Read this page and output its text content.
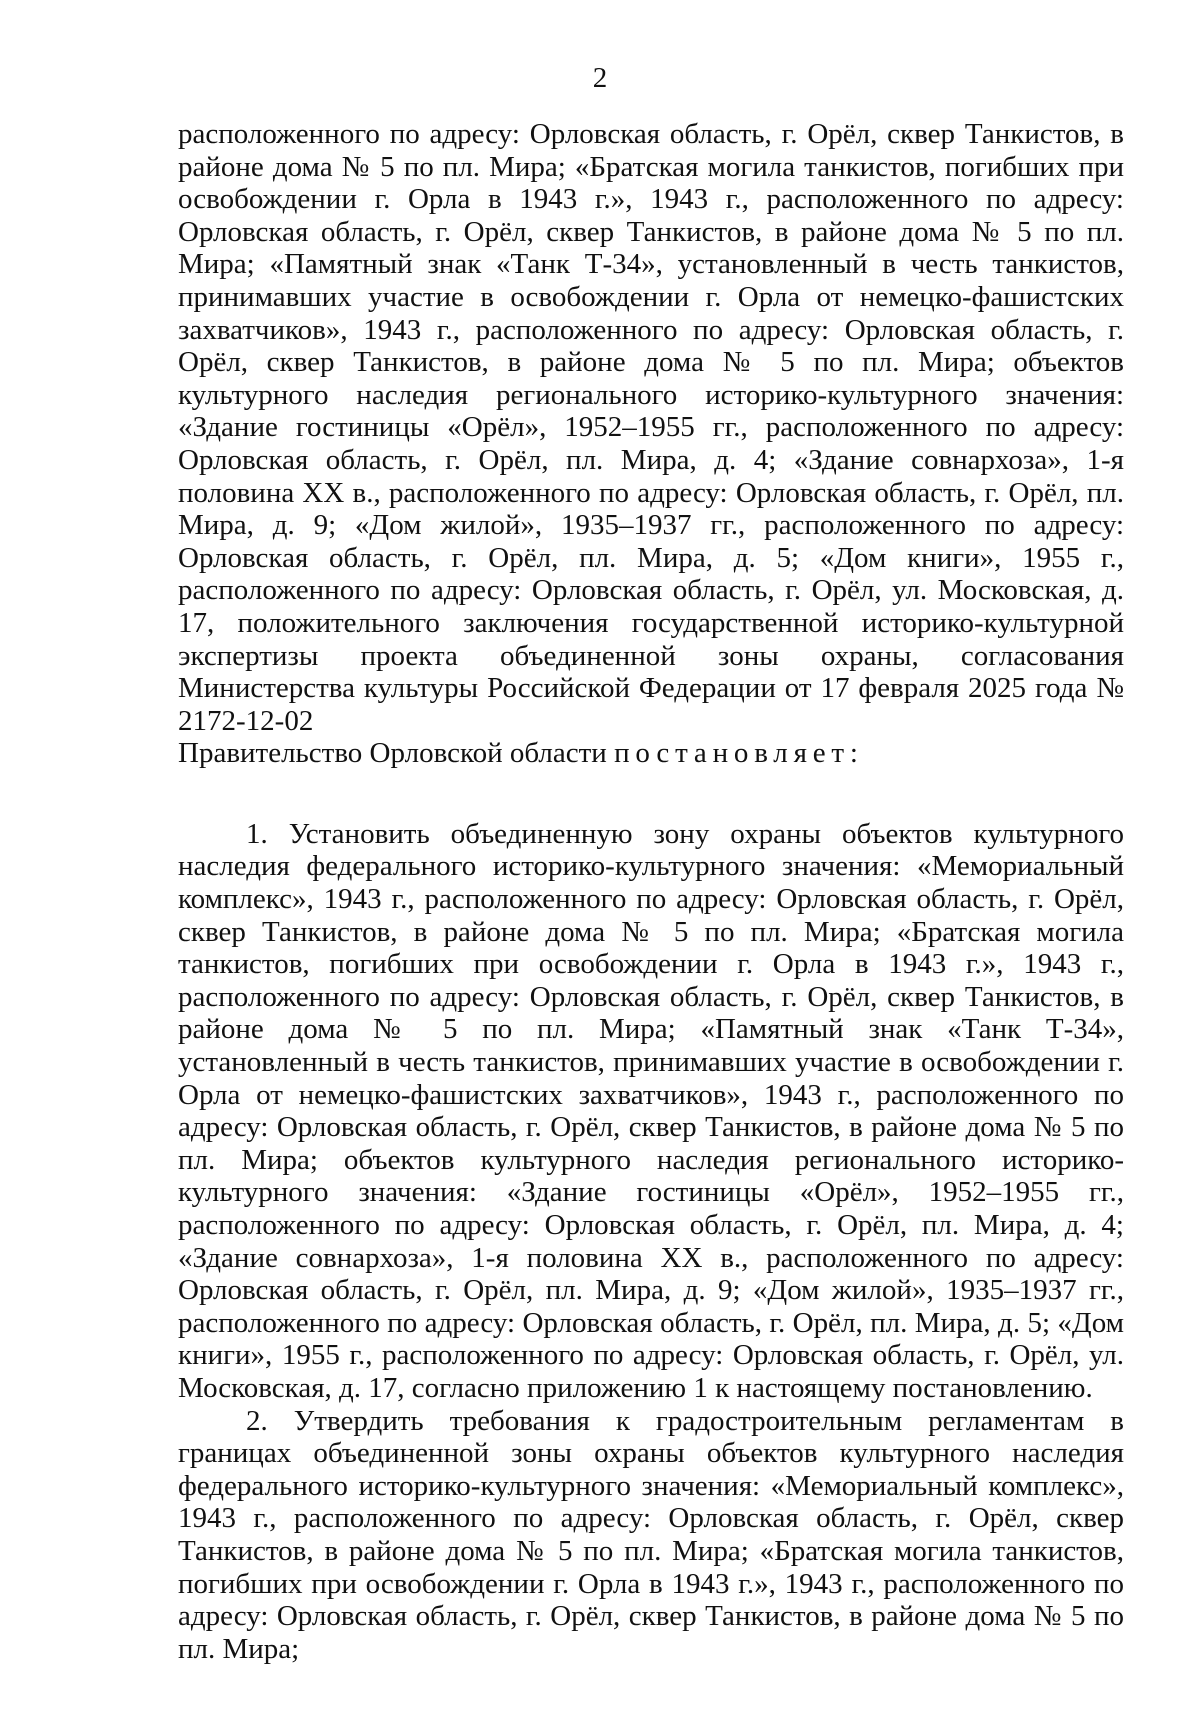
2

расположенного по адресу: Орловская область, г. Орёл, сквер Танкистов, в районе дома № 5 по пл. Мира; «Братская могила танкистов, погибших при освобождении г. Орла в 1943 г.», 1943 г., расположенного по адресу: Орловская область, г. Орёл, сквер Танкистов, в районе дома № 5 по пл. Мира; «Памятный знак «Танк Т-34», установленный в честь танкистов, принимавших участие в освобождении г. Орла от немецко-фашистских захватчиков», 1943 г., расположенного по адресу: Орловская область, г. Орёл, сквер Танкистов, в районе дома № 5 по пл. Мира; объектов культурного наследия регионального историко-культурного значения: «Здание гостиницы «Орёл», 1952–1955 гг., расположенного по адресу: Орловская область, г. Орёл, пл. Мира, д. 4; «Здание совнархоза», 1-я половина XX в., расположенного по адресу: Орловская область, г. Орёл, пл. Мира, д. 9; «Дом жилой», 1935–1937 гг., расположенного по адресу: Орловская область, г. Орёл, пл. Мира, д. 5; «Дом книги», 1955 г., расположенного по адресу: Орловская область, г. Орёл, ул. Московская, д. 17, положительного заключения государственной историко-культурной экспертизы проекта объединенной зоны охраны, согласования Министерства культуры Российской Федерации от 17 февраля 2025 года № 2172-12-02
Правительство Орловской области постановляет:

1. Установить объединенную зону охраны объектов культурного наследия федерального историко-культурного значения: «Мемориальный комплекс», 1943 г., расположенного по адресу: Орловская область, г. Орёл, сквер Танкистов, в районе дома № 5 по пл. Мира; «Братская могила танкистов, погибших при освобождении г. Орла в 1943 г.», 1943 г., расположенного по адресу: Орловская область, г. Орёл, сквер Танкистов, в районе дома № 5 по пл. Мира; «Памятный знак «Танк Т-34», установленный в честь танкистов, принимавших участие в освобождении г. Орла от немецко-фашистских захватчиков», 1943 г., расположенного по адресу: Орловская область, г. Орёл, сквер Танкистов, в районе дома № 5 по пл. Мира; объектов культурного наследия регионального историко-культурного значения: «Здание гостиницы «Орёл», 1952–1955 гг., расположенного по адресу: Орловская область, г. Орёл, пл. Мира, д. 4; «Здание совнархоза», 1-я половина XX в., расположенного по адресу: Орловская область, г. Орёл, пл. Мира, д. 9; «Дом жилой», 1935–1937 гг., расположенного по адресу: Орловская область, г. Орёл, пл. Мира, д. 5; «Дом книги», 1955 г., расположенного по адресу: Орловская область, г. Орёл, ул. Московская, д. 17, согласно приложению 1 к настоящему постановлению.

2. Утвердить требования к градостроительным регламентам в границах объединенной зоны охраны объектов культурного наследия федерального историко-культурного значения: «Мемориальный комплекс», 1943 г., расположенного по адресу: Орловская область, г. Орёл, сквер Танкистов, в районе дома № 5 по пл. Мира; «Братская могила танкистов, погибших при освобождении г. Орла в 1943 г.», 1943 г., расположенного по адресу: Орловская область, г. Орёл, сквер Танкистов, в районе дома № 5 по пл. Мира;
